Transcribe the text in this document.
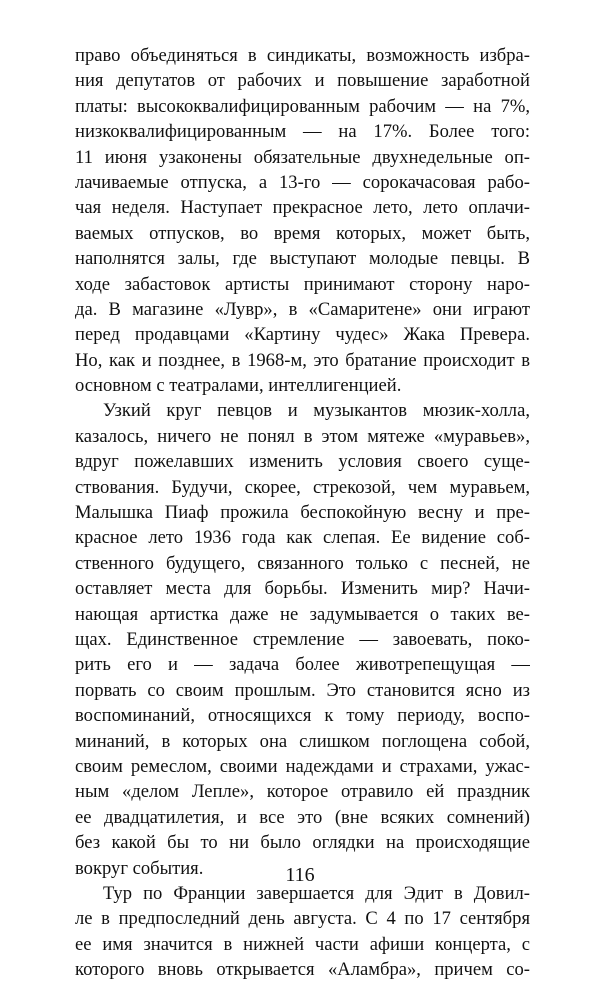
право объединяться в синдикаты, возможность избра-
ния депутатов от рабочих и повышение заработной
платы: высококвалифицированным рабочим — на 7%,
низкоквалифицированным — на 17%. Более того:
11 июня узаконены обязательные двухнедельные оп-
лачиваемые отпуска, а 13-го — сорокачасовая рабо-
чая неделя. Наступает прекрасное лето, лето оплачи-
ваемых отпусков, во время которых, может быть,
наполнятся залы, где выступают молодые певцы. В
ходе забастовок артисты принимают сторону наро-
да. В магазине «Лувр», в «Самаритене» они играют
перед продавцами «Картину чудес» Жака Превера.
Но, как и позднее, в 1968-м, это братание происходит в
основном с театралами, интеллигенцией.
Узкий круг певцов и музыкантов мюзик-холла,
казалось, ничего не понял в этом мятеже «муравьев»,
вдруг пожелавших изменить условия своего суще-
ствования. Будучи, скорее, стрекозой, чем муравьем,
Малышка Пиаф прожила беспокойную весну и пре-
красное лето 1936 года как слепая. Ее видение соб-
ственного будущего, связанного только с песней, не
оставляет места для борьбы. Изменить мир? Начи-
нающая артистка даже не задумывается о таких ве-
щах. Единственное стремление — завоевать, поко-
рить его и — задача более животрепещущая —
порвать со своим прошлым. Это становится ясно из
воспоминаний, относящихся к тому периоду, воспо-
минаний, в которых она слишком поглощена собой,
своим ремеслом, своими надеждами и страхами, ужас-
ным «делом Лепле», которое отравило ей праздник
ее двадцатилетия, и все это (вне всяких сомнений)
без какой бы то ни было оглядки на происходящие
вокруг события.
Тур по Франции завершается для Эдит в Довил-
ле в предпоследний день августа. С 4 по 17 сентября
ее имя значится в нижней части афиши концерта, с
которого вновь открывается «Аламбра», причем со-
116
